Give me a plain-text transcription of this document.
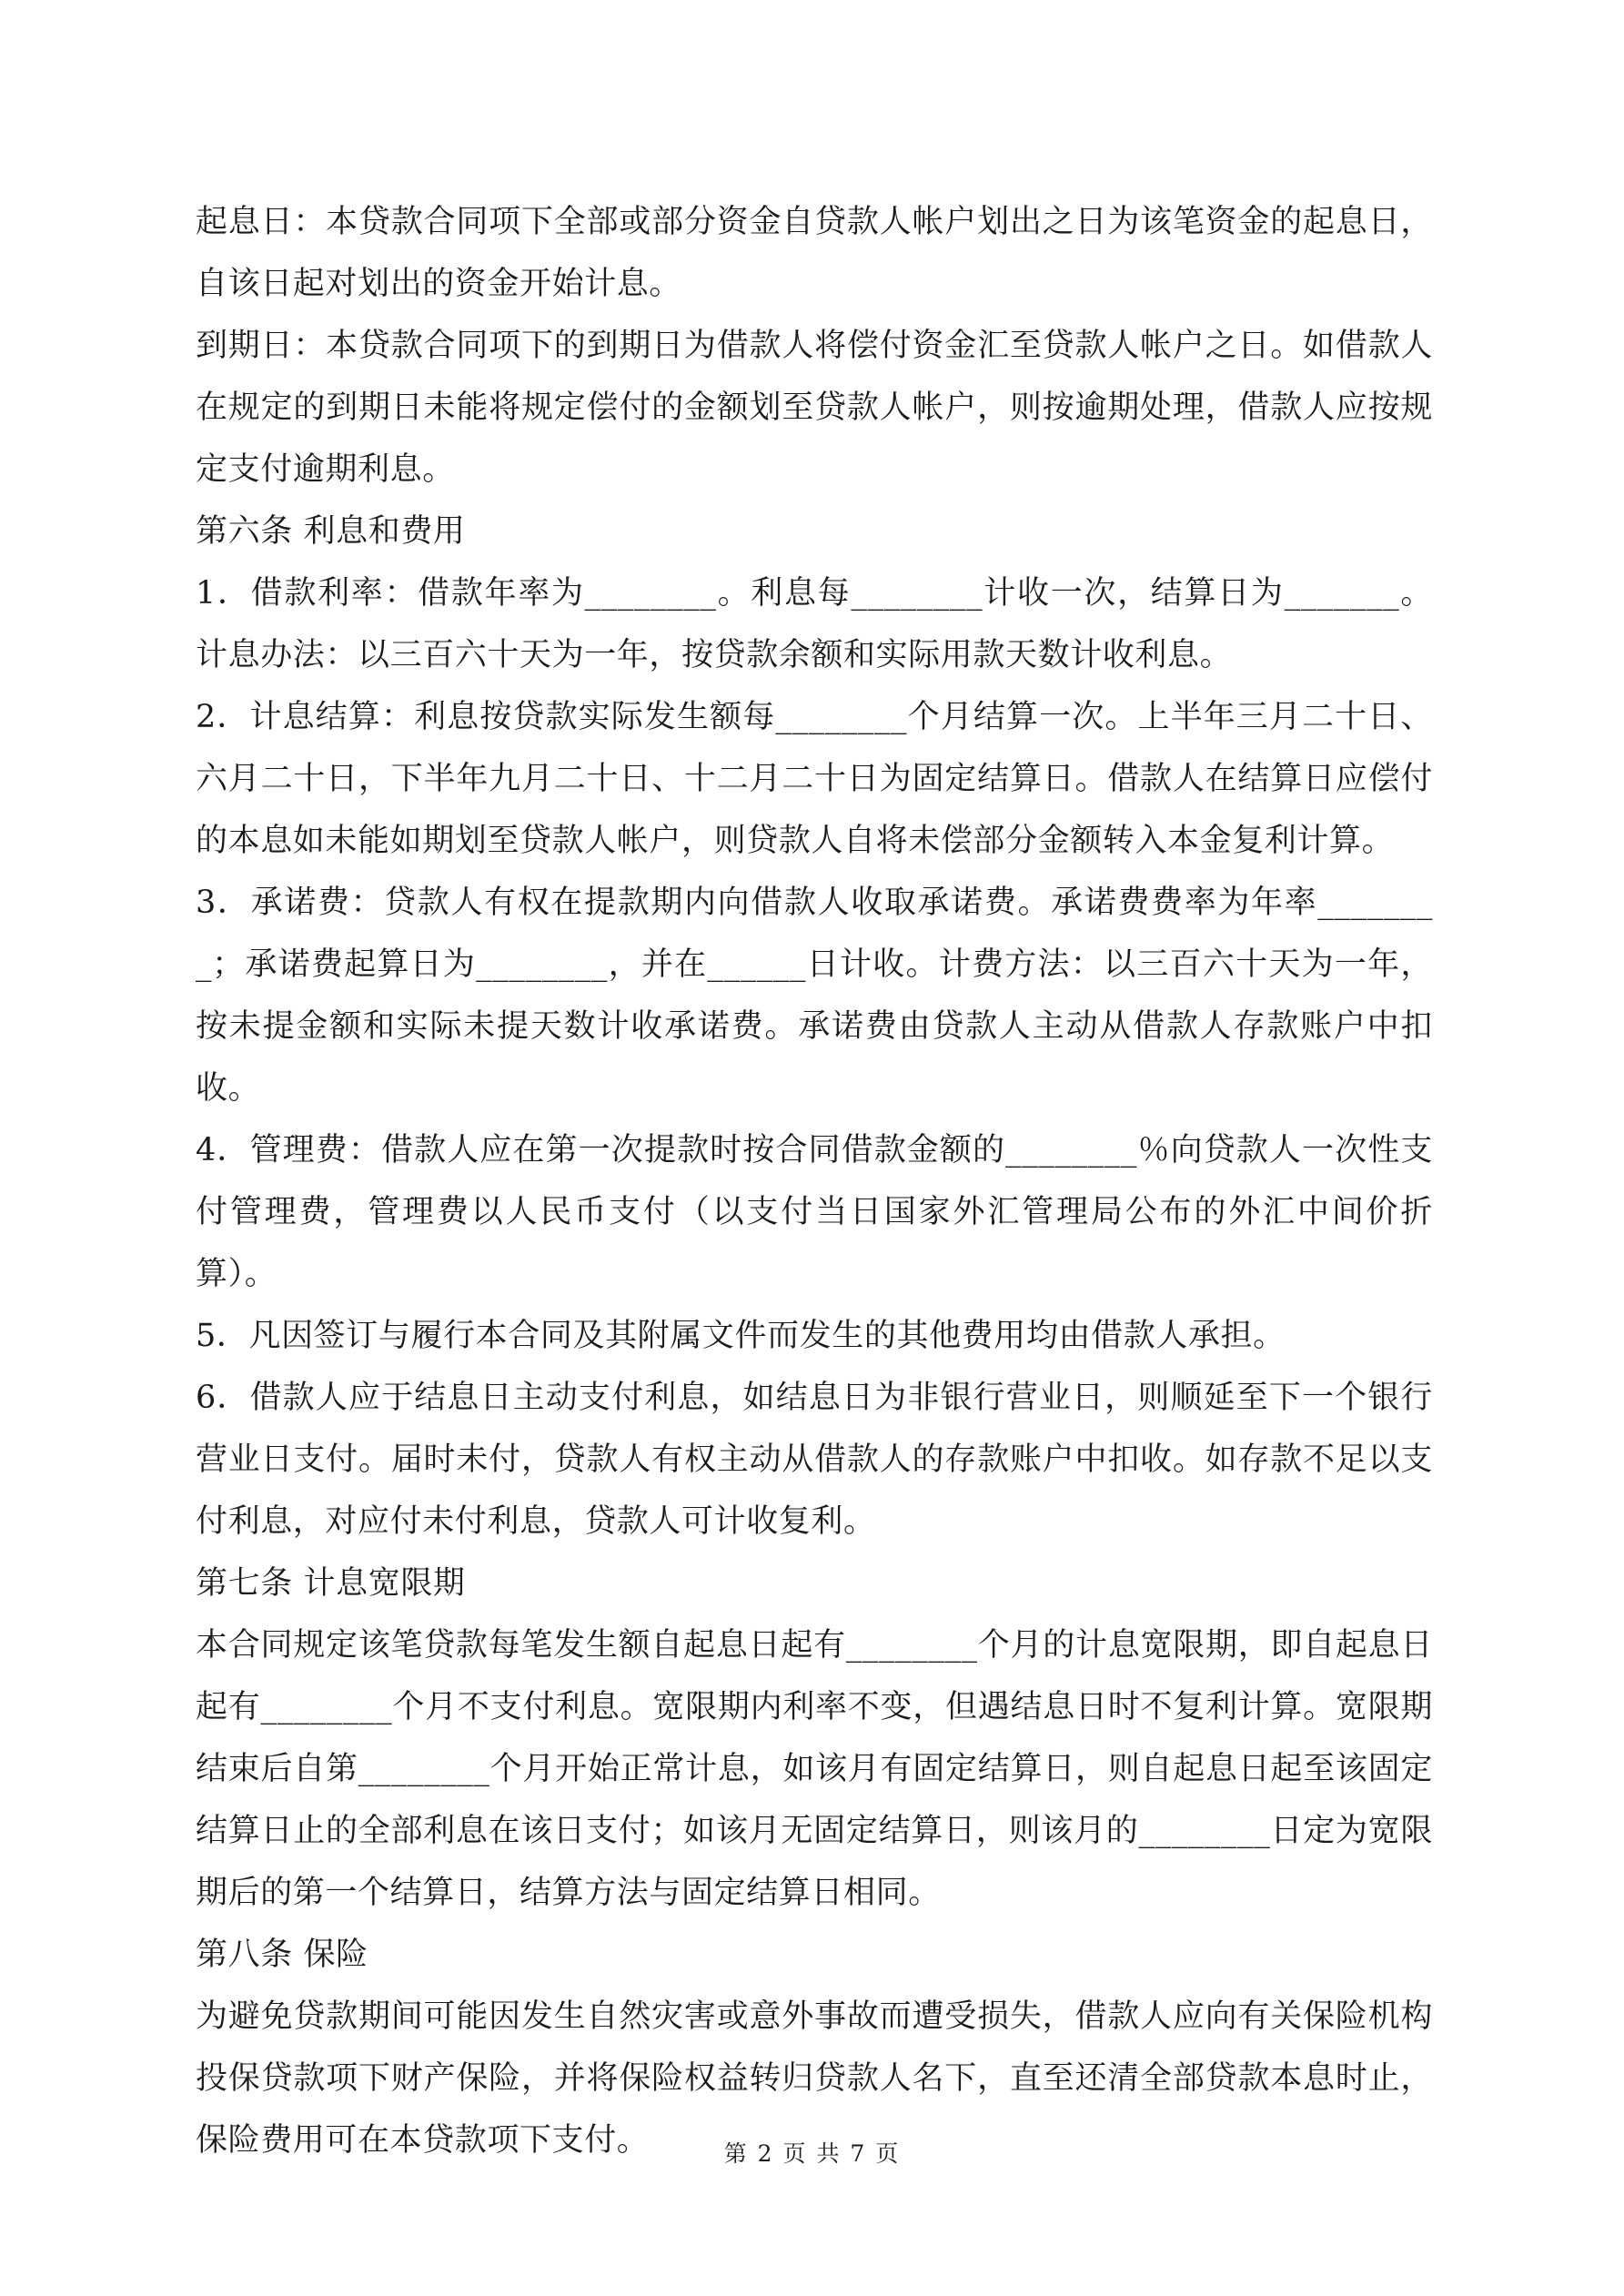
起息日：本贷款合同项下全部或部分资金自贷款人帐户划出之日为该笔资金的起息日，自该日起对划出的资金开始计息。

到期日：本贷款合同项下的到期日为借款人将偿付资金汇至贷款人帐户之日。如借款人在规定的到期日未能将规定偿付的金额划至贷款人帐户，则按逾期处理，借款人应按规定支付逾期利息。

第六条 利息和费用

1．借款利率：借款年率为________。利息每________计收一次，结算日为_______。计息办法：以三百六十天为一年，按贷款余额和实际用款天数计收利息。

2．计息结算：利息按贷款实际发生额每________个月结算一次。上半年三月二十日、六月二十日，下半年九月二十日、十二月二十日为固定结算日。借款人在结算日应偿付的本息如未能如期划至贷款人帐户，则贷款人自将未偿部分金额转入本金复利计算。

3．承诺费：贷款人有权在提款期内向借款人收取承诺费。承诺费费率为年率________；承诺费起算日为________，并在______日计收。计费方法：以三百六十天为一年，按未提金额和实际未提天数计收承诺费。承诺费由贷款人主动从借款人存款账户中扣收。

4．管理费：借款人应在第一次提款时按合同借款金额的________％向贷款人一次性支付管理费，管理费以人民币支付（以支付当日国家外汇管理局公布的外汇中间价折算）。

5．凡因签订与履行本合同及其附属文件而发生的其他费用均由借款人承担。

6．借款人应于结息日主动支付利息，如结息日为非银行营业日，则顺延至下一个银行营业日支付。届时未付，贷款人有权主动从借款人的存款账户中扣收。如存款不足以支付利息，对应付未付利息，贷款人可计收复利。

第七条 计息宽限期

本合同规定该笔贷款每笔发生额自起息日起有________个月的计息宽限期，即自起息日起有________个月不支付利息。宽限期内利率不变，但遇结息日时不复利计算。宽限期结束后自第________个月开始正常计息，如该月有固定结算日，则自起息日起至该固定结算日止的全部利息在该日支付；如该月无固定结算日，则该月的________日定为宽限期后的第一个结算日，结算方法与固定结算日相同。

第八条 保险

为避免贷款期间可能因发生自然灾害或意外事故而遭受损失，借款人应向有关保险机构投保贷款项下财产保险，并将保险权益转归贷款人名下，直至还清全部贷款本息时止，保险费用可在本贷款项下支付。	第 2 页 共 7 页
